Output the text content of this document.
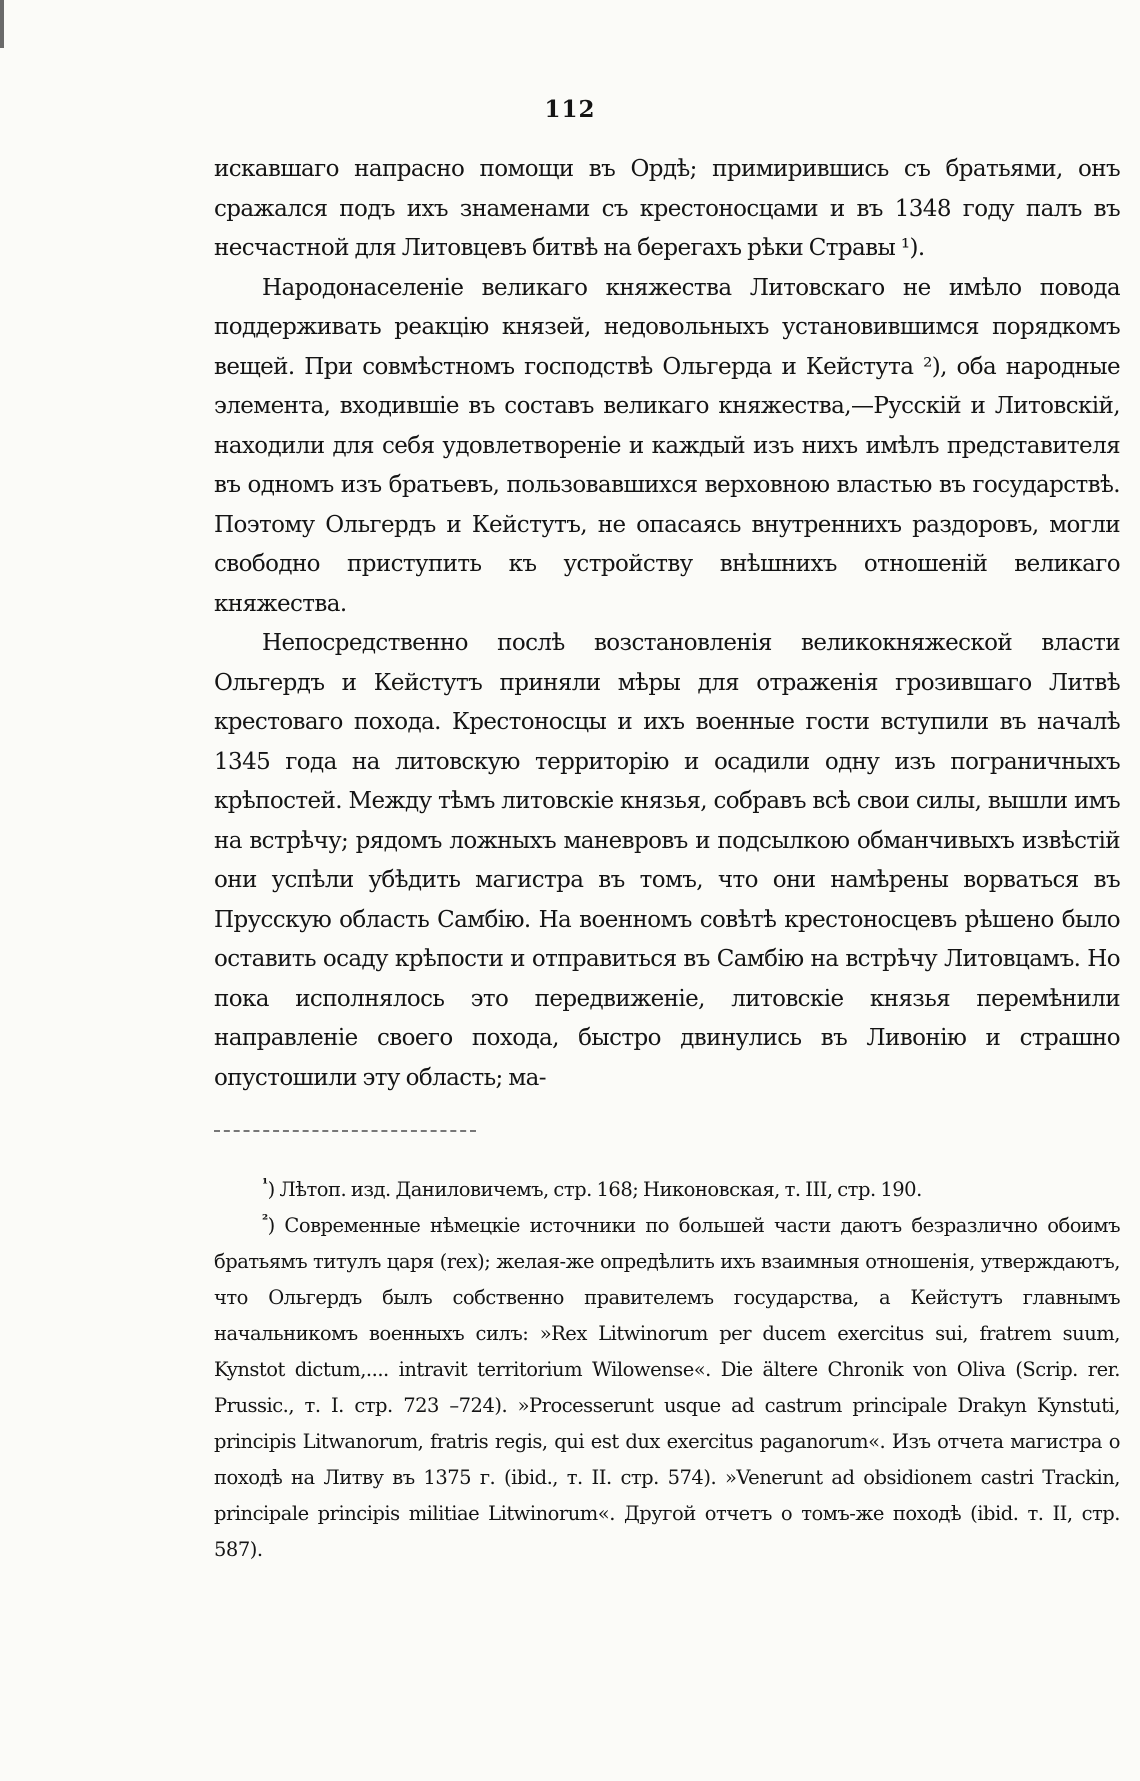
112

искавшаго напрасно помощи въ Ордѣ; примирившись съ братьями, онъ сражался подъ ихъ знаменами съ крестоносцами и въ 1348 году палъ въ несчастной для Литовцевъ битвѣ на берегахъ рѣки Стравы ¹).

Народонаселеніе великаго княжества Литовскаго не имѣло повода поддерживать реакцію князей, недовольныхъ установившимся порядкомъ вещей. При совмѣстномъ господствѣ Ольгерда и Кейстута ²), оба народные элемента, входившіе въ составъ великаго княжества,—Русскій и Литовскій, находили для себя удовлетвореніе и каждый изъ нихъ имѣлъ представителя въ одномъ изъ братьевъ, пользовавшихся верховною властью въ государствѣ. Поэтому Ольгердъ и Кейстутъ, не опасаясь внутреннихъ раздоровъ, могли свободно приступить къ устройству внѣшнихъ отношеній великаго княжества.

Непосредственно послѣ возстановленія великокняжеской власти Ольгердъ и Кейстутъ приняли мѣры для отраженія грозившаго Литвѣ крестоваго похода. Крестоносцы и ихъ военные гости вступили въ началѣ 1345 года на литовскую территорію и осадили одну изъ пограничныхъ крѣпостей. Между тѣмъ литовскіе князья, собравъ всѣ свои силы, вышли имъ на встрѣчу; рядомъ ложныхъ маневровъ и подсылкою обманчивыхъ извѣстій они успѣли убѣдить магистра въ томъ, что они намѣрены ворваться въ Прусскую область Самбію. На военномъ совѣтѣ крестоносцевъ рѣшено было оставить осаду крѣпости и отправиться въ Самбію на встрѣчу Литовцамъ. Но пока исполнялось это передвиженіе, литовскіе князья перемѣнили направленіе своего похода, быстро двинулись въ Ливонію и страшно опустошили эту область; ма-

$^{^1}$) Лѣтоп. изд. Даниловичемъ, стр. 168; Никоновская, т. III, стр. 190.

$^{^2}$) Современные нѣмецкіе источники по большей части даютъ безразлично обоимъ братьямъ титулъ царя (rex); желая-же опредѣлить ихъ взаимныя отношенія, утверждаютъ, что Ольгердъ былъ собственно правителемъ государства, а Кейстутъ главнымъ начальникомъ военныхъ силъ: »Rex Litwinorum per ducem exercitus sui, fratrem suum, Kynstot dictum,.... intravit territorium Wilowense«. Die ältere Chronik von Oliva (Scrip. rer. Prussic., т. I. стр. 723 –724). »Processerunt usque ad castrum principale Drakyn Kynstuti, principis Litwanorum, fratris regis, qui est dux exercitus paganorum«. Изъ отчета магистра о походѣ на Литву въ 1375 г. (ibid., т. II. стр. 574). »Venerunt ad obsidionem castri Trackin, principale principis militiae Litwinorum«. Другой отчетъ о томъ-же походѣ (ibid. т. II, стр. 587).
